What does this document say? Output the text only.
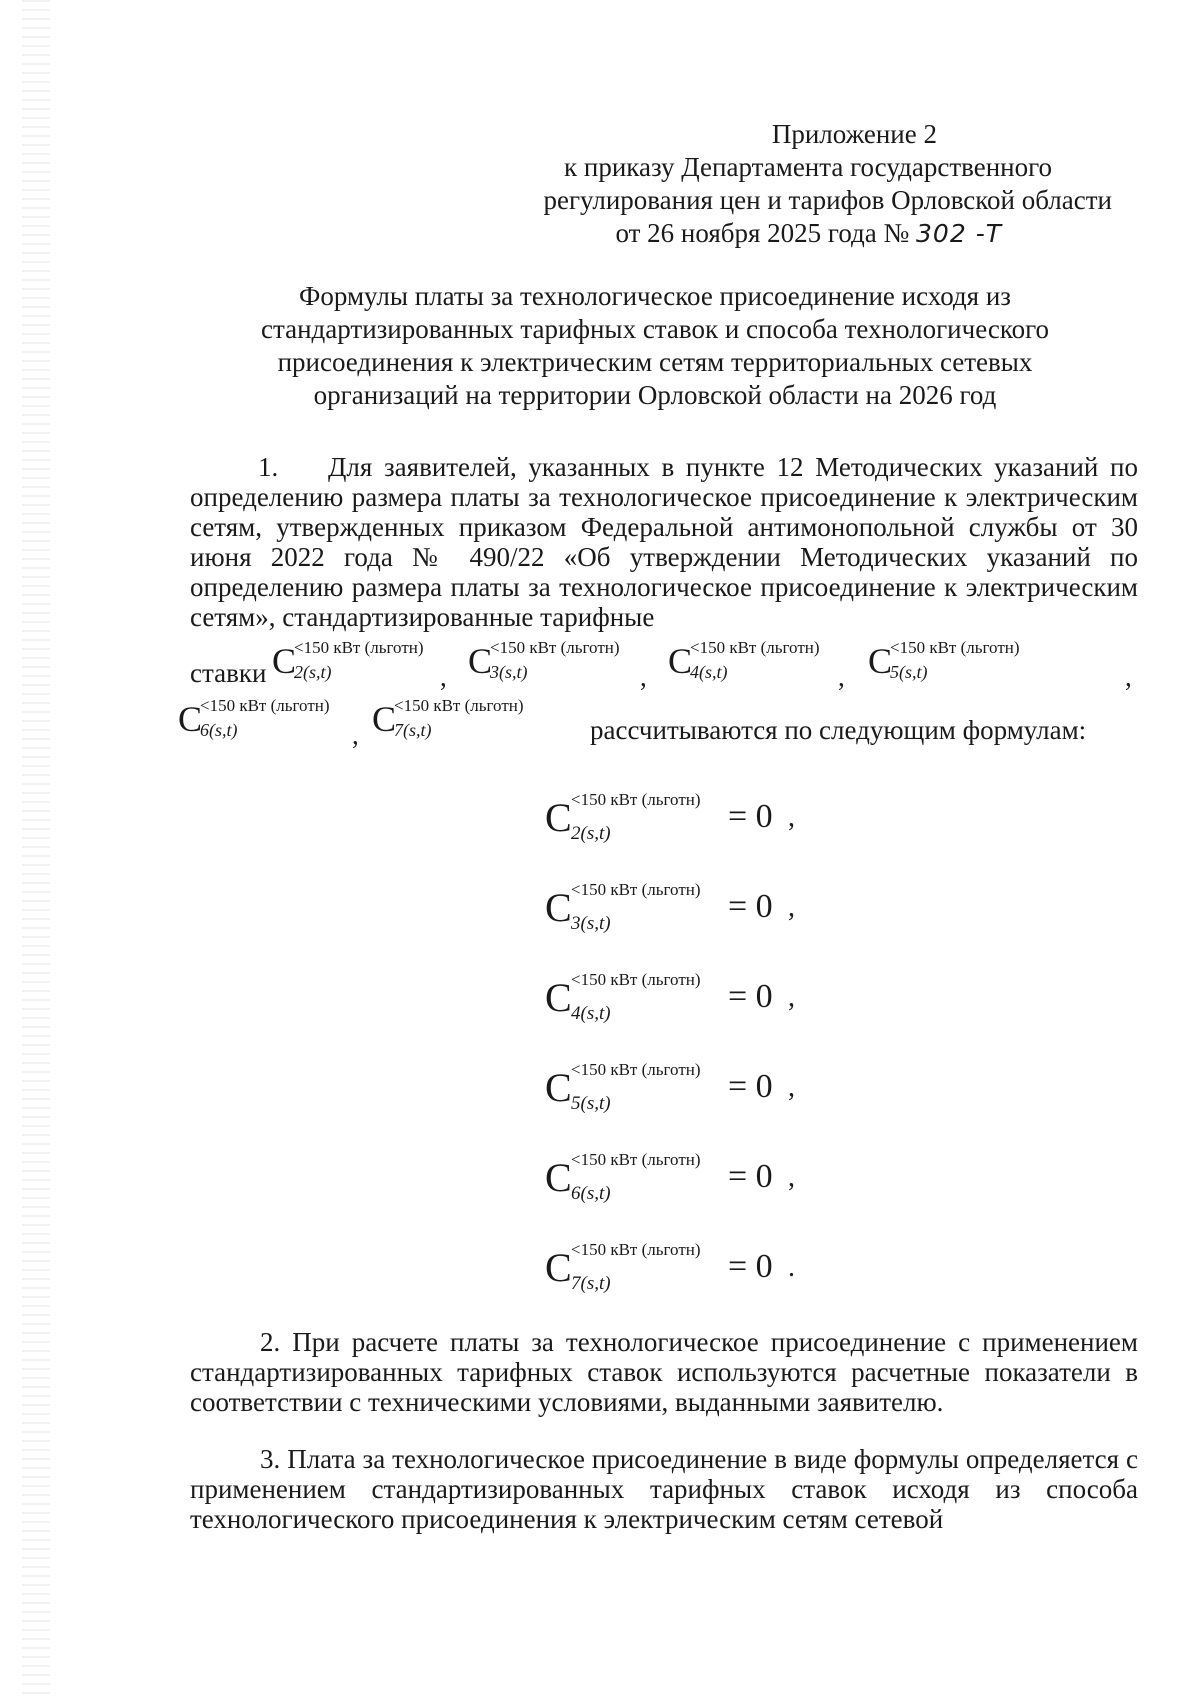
Приложение 2
к приказу Департамента государственного
регулирования цен и тарифов Орловской области
от 26 ноября 2025 года № 302 -Т
Формулы платы за технологическое присоединение исходя из
стандартизированных тарифных ставок и способа технологического
присоединения к электрическим сетям территориальных сетевых
организаций на территории Орловской области на 2026 год
1. Для заявителей, указанных в пункте 12 Методических указаний по определению размера платы за технологическое присоединение к электрическим сетям, утвержденных приказом Федеральной антимонопольной службы от 30 июня 2022 года № 490/22 «Об утверждении Методических указаний по определению размера платы за технологическое присоединение к электрическим сетям», стандартизированные тарифные
ставки C
<150 кВт (льготн)
2(s,t)	, C
<150 кВт (льготн)
3(s,t)	, C
<150 кВт (льготн)
4(s,t)	, C
<150 кВт (льготн)
5(s,t)	,
C
<150 кВт (льготн)
6(s,t)	, C
<150 кВт (льготн)
7(s,t)	рассчитываются по следующим формулам:
C <150 кВт (льготн)
2(s,t)	= 0 ,
C <150 кВт (льготн)
3(s,t)	= 0 ,
C <150 кВт (льготн)
4(s,t)	= 0 ,
C <150 кВт (льготн)
5(s,t)	= 0 ,
C <150 кВт (льготн)
6(s,t)	= 0 ,
C <150 кВт (льготн)
7(s,t)	= 0 .
2. При расчете платы за технологическое присоединение с применением стандартизированных тарифных ставок используются расчетные показатели в соответствии с техническими условиями, выданными заявителю.
3. Плата за технологическое присоединение в виде формулы определяется с применением стандартизированных тарифных ставок исходя из способа технологического присоединения к электрическим сетям сетевой
